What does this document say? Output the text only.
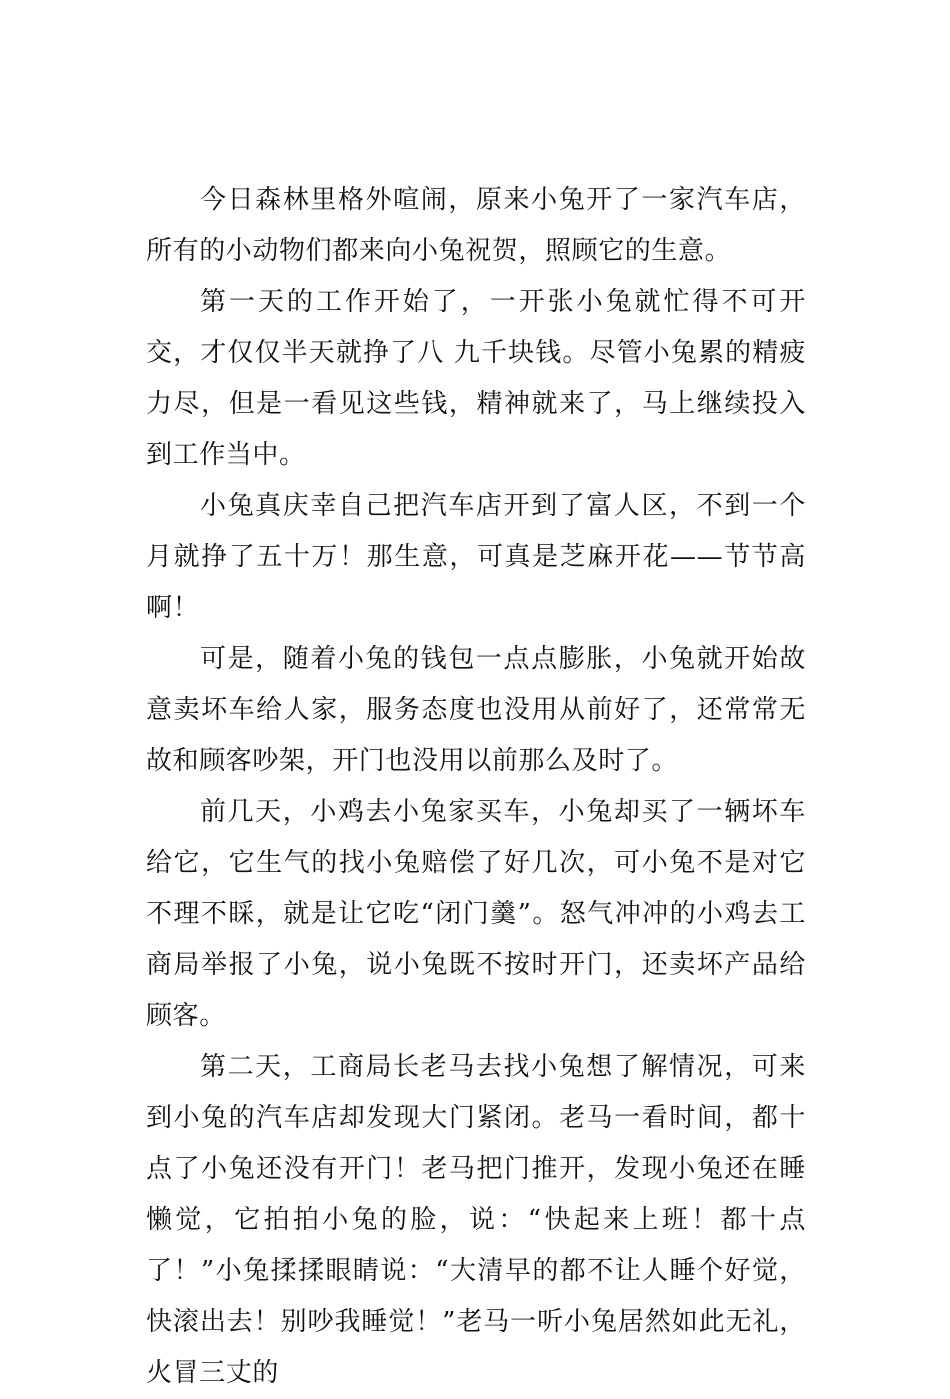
今日森林里格外喧闹，原来小兔开了一家汽车店，所有的小动物们都来向小兔祝贺，照顾它的生意。

第一天的工作开始了，一开张小兔就忙得不可开交，才仅仅半天就挣了八 九千块钱。尽管小兔累的精疲力尽，但是一看见这些钱，精神就来了，马上继续投入到工作当中。

小兔真庆幸自己把汽车店开到了富人区，不到一个月就挣了五十万！那生意，可真是芝麻开花——节节高啊！

可是，随着小兔的钱包一点点膨胀，小兔就开始故意卖坏车给人家，服务态度也没用从前好了，还常常无故和顾客吵架，开门也没用以前那么及时了。

前几天，小鸡去小兔家买车，小兔却买了一辆坏车给它，它生气的找小兔赔偿了好几次，可小兔不是对它不理不睬，就是让它吃“闭门羹”。怒气冲冲的小鸡去工商局举报了小兔，说小兔既不按时开门，还卖坏产品给顾客。

第二天，工商局长老马去找小兔想了解情况，可来到小兔的汽车店却发现大门紧闭。老马一看时间，都十点了小兔还没有开门！老马把门推开，发现小兔还在睡懒觉，它拍拍小兔的脸，说：“快起来上班！都十点了！”小兔揉揉眼睛说：“大清早的都不让人睡个好觉，快滚出去！别吵我睡觉！”老马一听小兔居然如此无礼，火冒三丈的
